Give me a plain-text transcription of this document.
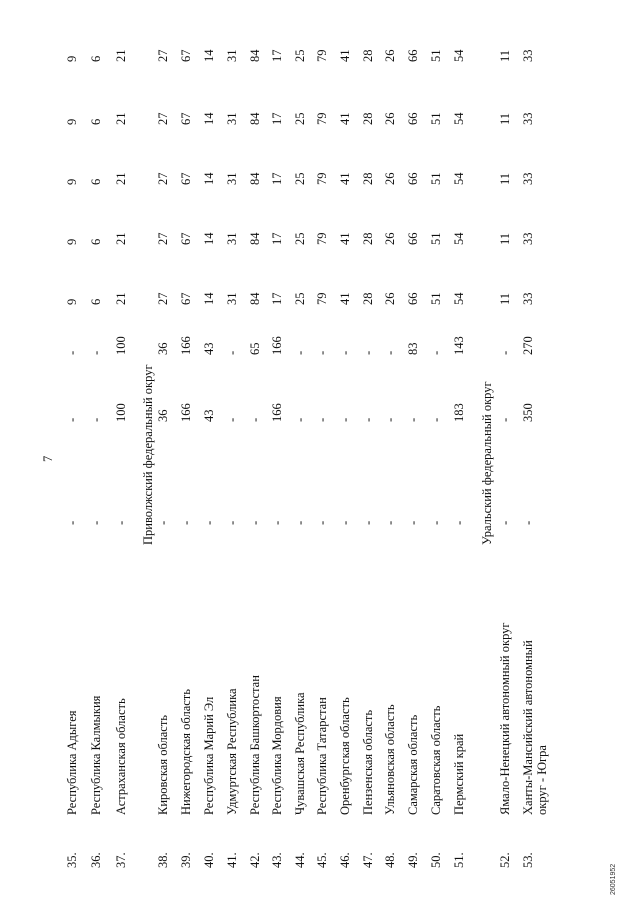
7	Приволжский федеральный округ	Уральский федеральный округ
35.
Республика Адыгея
-
-
-
9
9
9
9
9
36.
Республика Калмыкия
-
-
-
6
6
6
6
6
37.
Астраханская область
-
100
100
21
21
21
21
21
38.
Кировская область
-
36
36
27
27
27
27
27
39.
Нижегородская область
-
166
166
67
67
67
67
67
40.
Республика Марий Эл
-
43
43
14
14
14
14
14
41.
Удмуртская Республика
-
-
-
31
31
31
31
31
42.
Республика Башкортостан
-
-
65
84
84
84
84
84
43.
Республика Мордовия
-
166
166
17
17
17
17
17
44.
Чувашская Республика
-
-
-
25
25
25
25
25
45.
Республика Татарстан
-
-
-
79
79
79
79
79
46.
Оренбургская область
-
-
-
41
41
41
41
41
47.
Пензенская область
-
-
-
28
28
28
28
28
48.
Ульяновская область
-
-
-
26
26
26
26
26
49.
Самарская область
-
-
83
66
66
66
66
66
50.
Саратовская область
-
-
-
51
51
51
51
51
51.
Пермский край
-
183
143
54
54
54
54
54
52.
Ямало-Ненецкий автономный округ
-
-
-
11
11
11
11
11
53.
Ханты-Мансийский автономный округ - Югра
-
350
270
33
33
33
33
33
26051952
